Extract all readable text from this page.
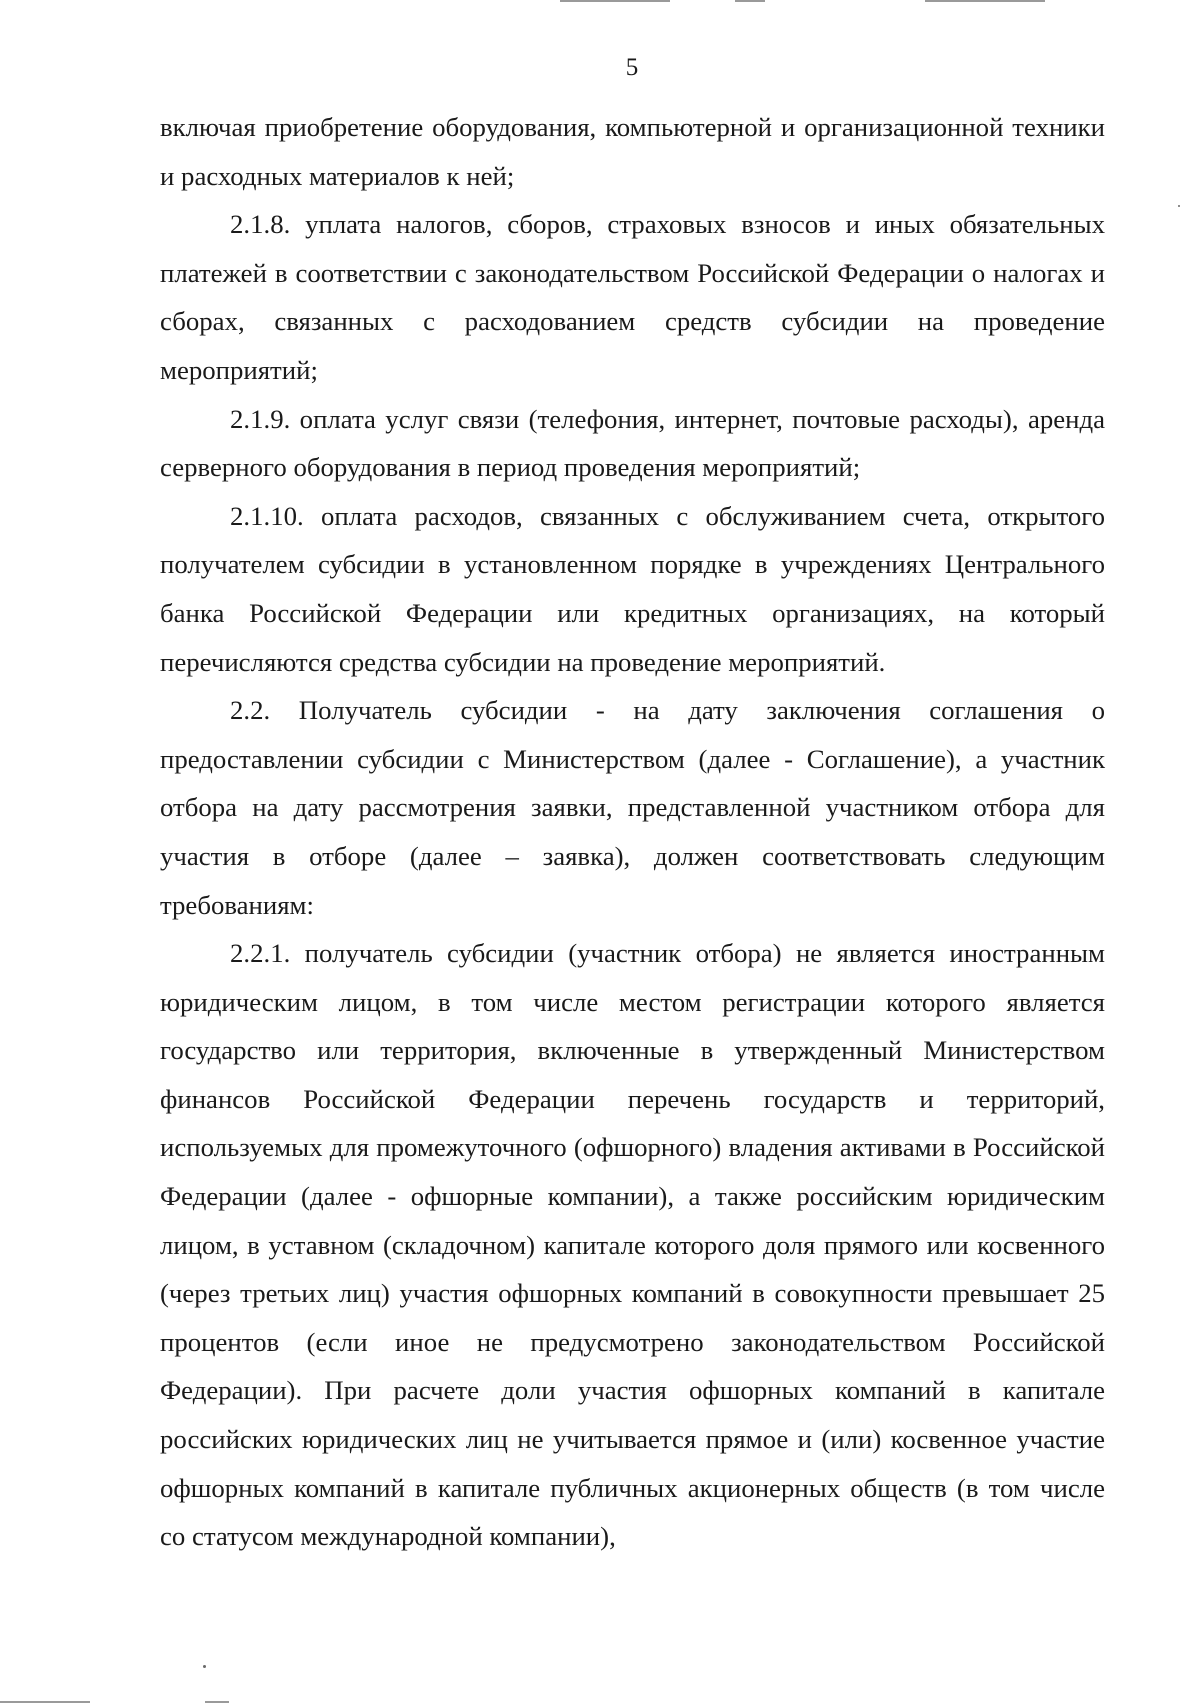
5

включая приобретение оборудования, компьютерной и организационной техники и расходных материалов к ней;

2.1.8. уплата налогов, сборов, страховых взносов и иных обязательных платежей в соответствии с законодательством Российской Федерации о налогах и сборах, связанных с расходованием средств субсидии на проведение мероприятий;

2.1.9. оплата услуг связи (телефония, интернет, почтовые расходы), аренда серверного оборудования в период проведения мероприятий;

2.1.10. оплата расходов, связанных с обслуживанием счета, открытого получателем субсидии в установленном порядке в учреждениях Центрального банка Российской Федерации или кредитных организациях, на который перечисляются средства субсидии на проведение мероприятий.

2.2. Получатель субсидии - на дату заключения соглашения о предоставлении субсидии с Министерством (далее - Соглашение), а участник отбора на дату рассмотрения заявки, представленной участником отбора для участия в отборе (далее – заявка), должен соответствовать следующим требованиям:

2.2.1. получатель субсидии (участник отбора) не является иностранным юридическим лицом, в том числе местом регистрации которого является государство или территория, включенные в утвержденный Министерством финансов Российской Федерации перечень государств и территорий, используемых для промежуточного (офшорного) владения активами в Российской Федерации (далее - офшорные компании), а также российским юридическим лицом, в уставном (складочном) капитале которого доля прямого или косвенного (через третьих лиц) участия офшорных компаний в совокупности превышает 25 процентов (если иное не предусмотрено законодательством Российской Федерации). При расчете доли участия офшорных компаний в капитале российских юридических лиц не учитывается прямое и (или) косвенное участие офшорных компаний в капитале публичных акционерных обществ (в том числе со статусом международной компании),
